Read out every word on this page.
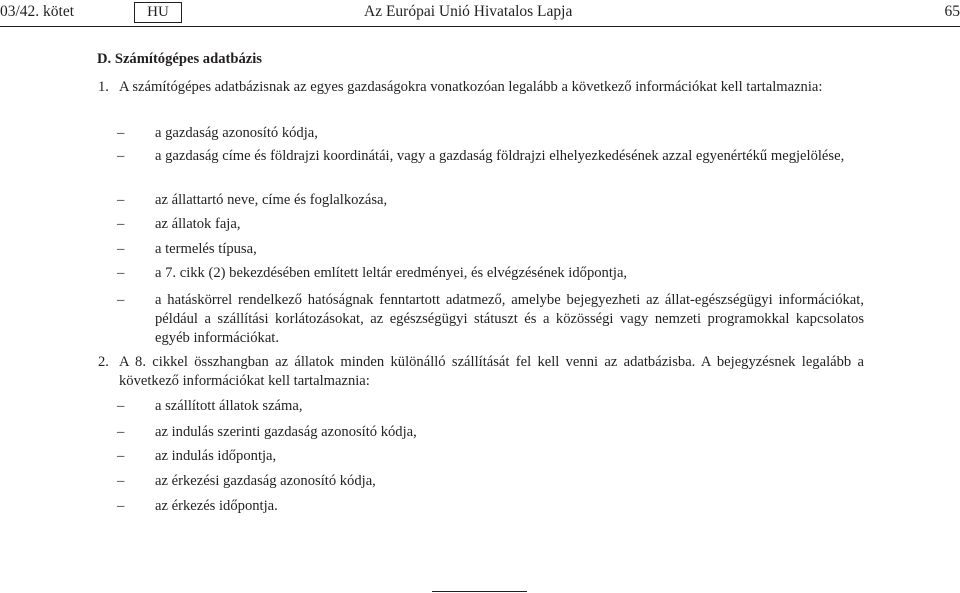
03/42. kötet	HU	Az Európai Unió Hivatalos Lapja	65
D. Számítógépes adatbázis
1. A számítógépes adatbázisnak az egyes gazdaságokra vonatkozóan legalább a következő információkat kell tartalmaznia:
– a gazdaság azonosító kódja,
– a gazdaság címe és földrajzi koordinátái, vagy a gazdaság földrajzi elhelyezkedésének azzal egyenértékű megjelölése,
– az állattartó neve, címe és foglalkozása,
– az állatok faja,
– a termelés típusa,
– a 7. cikk (2) bekezdésében említett leltár eredményei, és elvégzésének időpontja,
– a hatáskörrel rendelkező hatóságnak fenntartott adatmező, amelybe bejegyezheti az állat-egészségügyi információkat, például a szállítási korlátozásokat, az egészségügyi státuszt és a közösségi vagy nemzeti programokkal kapcsolatos egyéb információkat.
2. A 8. cikkel összhangban az állatok minden különálló szállítását fel kell venni az adatbázisba. A bejegyzésnek legalább a következő információkat kell tartalmaznia:
– a szállított állatok száma,
– az indulás szerinti gazdaság azonosító kódja,
– az indulás időpontja,
– az érkezési gazdaság azonosító kódja,
– az érkezés időpontja.
